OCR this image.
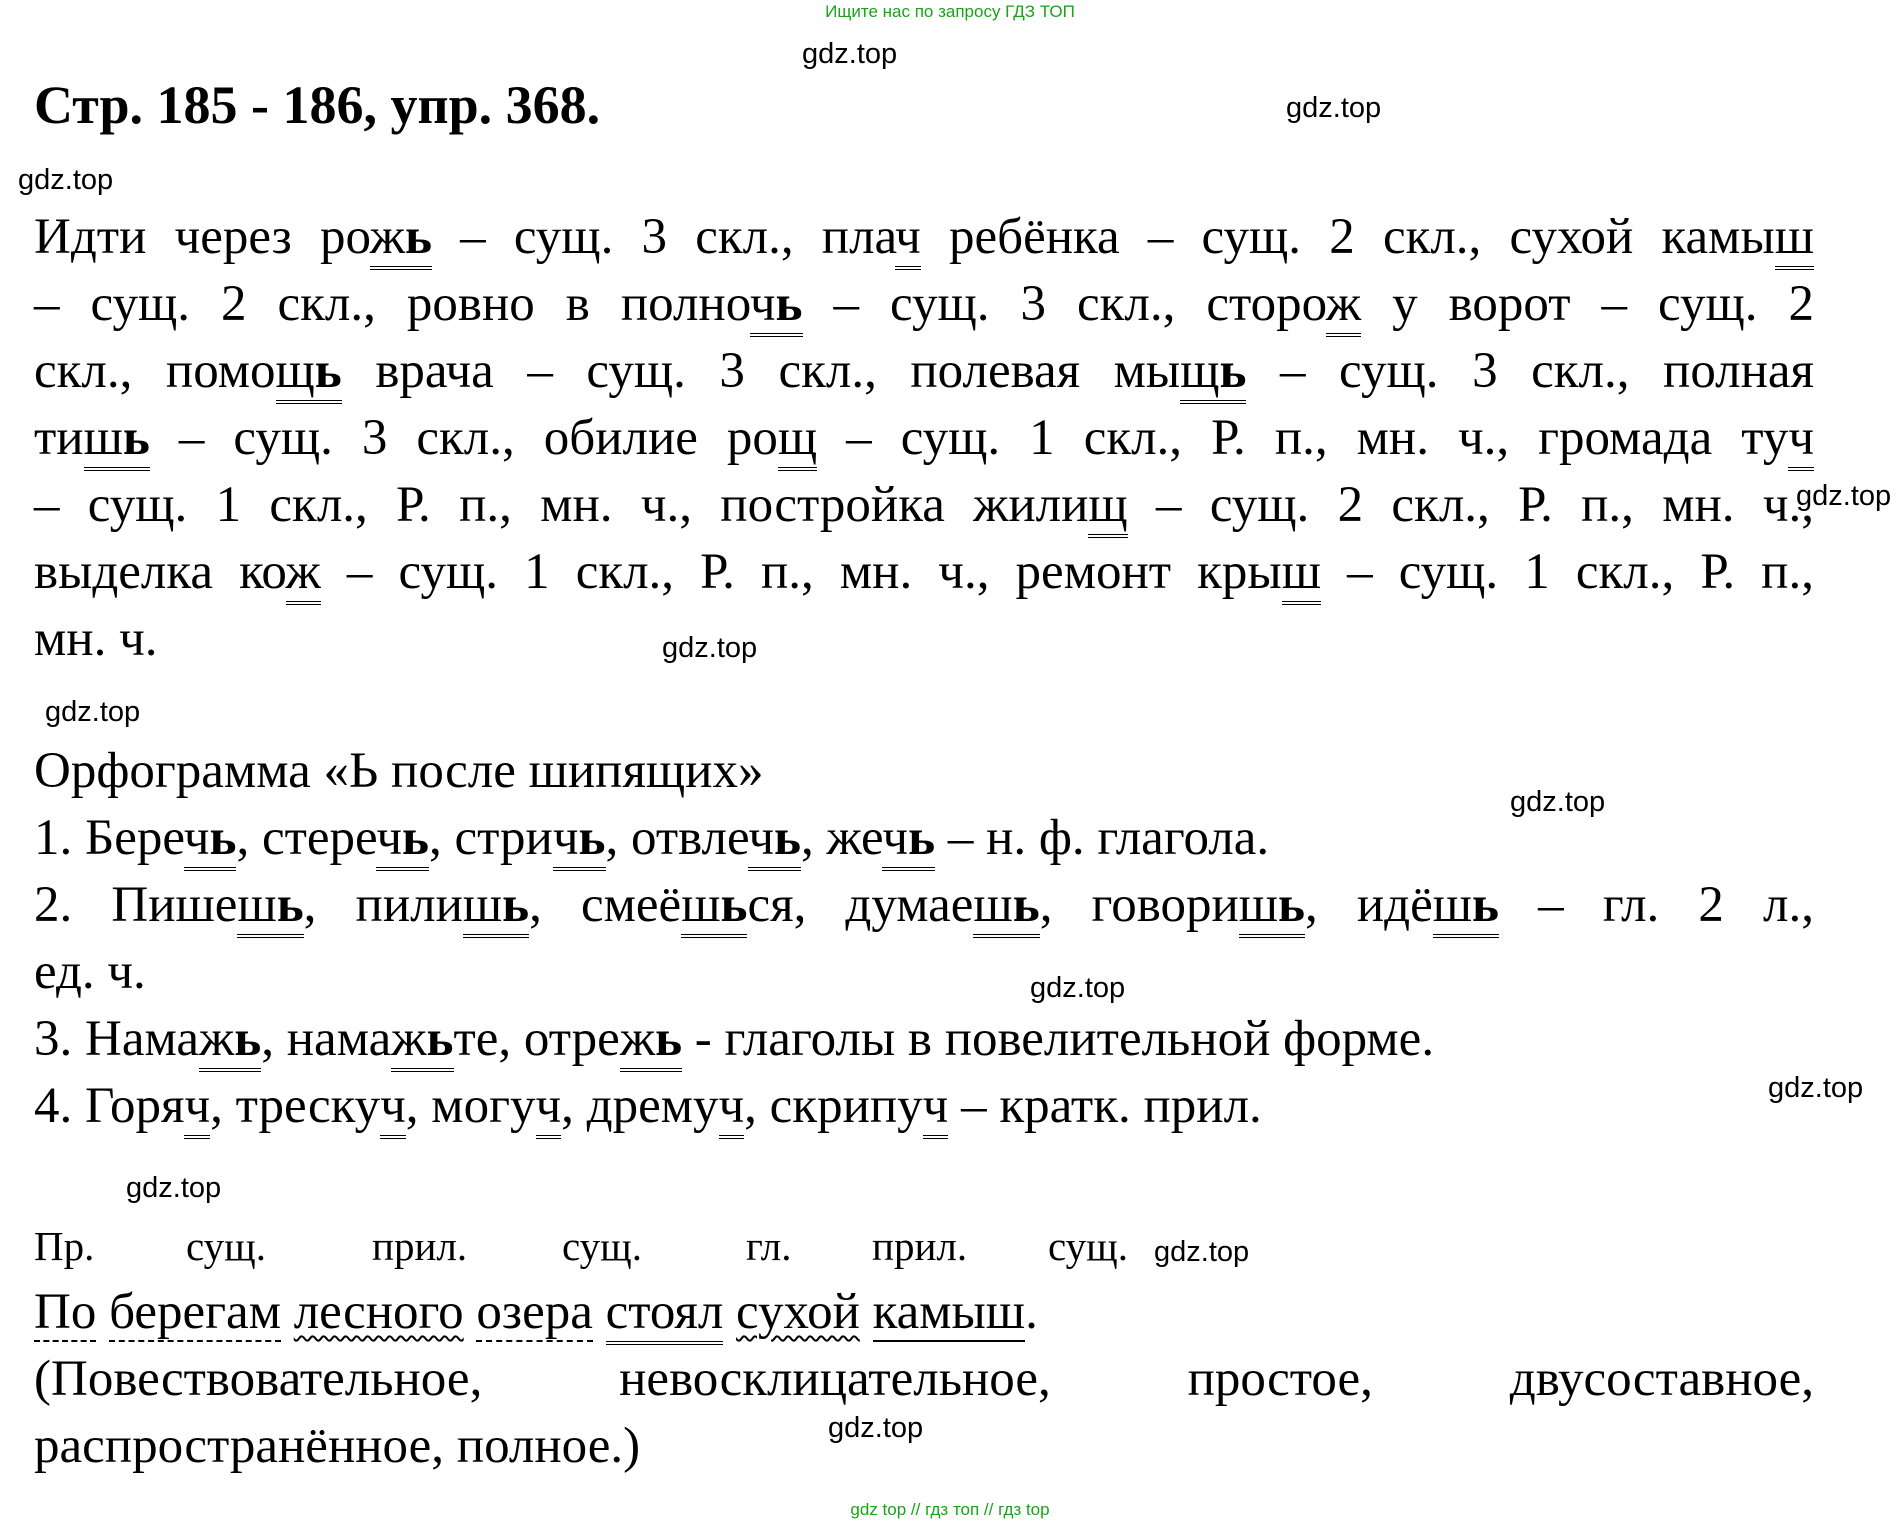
Ищите нас по запросу ГДЗ ТОП
gdz.top
gdz.top
gdz.top
gdz.top
gdz.top
gdz.top
gdz.top
gdz.top
gdz.top
gdz.top
gdz.top
gdz.top
Стр. 185 - 186, упр. 368.
Идти через рожь – сущ. 3 скл., плач ребёнка – сущ. 2 скл., сухой камыш
– сущ. 2 скл., ровно в полночь – сущ. 3 скл., сторож у ворот – сущ. 2
скл., помощь врача – сущ. 3 скл., полевая мыщь – сущ. 3 скл., полная
тишь – сущ. 3 скл., обилие рощ – сущ. 1 скл., Р. п., мн. ч., громада туч
– сущ. 1 скл., Р. п., мн. ч., постройка жилищ – сущ. 2 скл., Р. п., мн. ч.,
выделка кож – сущ. 1 скл., Р. п., мн. ч., ремонт крыш – сущ. 1 скл., Р. п.,
мн. ч.
Орфограмма «Ь после шипящих»
1. Беречь, стеречь, стричь, отвлечь, жечь – н. ф. глагола.
2. Пишешь, пилишь, смеёшься, думаешь, говоришь, идёшь – гл. 2 л.,
ед. ч.
3. Намажь, намажьте, отрежь - глаголы в повелительной форме.
4. Горяч, трескуч, могуч, дремуч, скрипуч – кратк. прил.
Пр. сущ.	прил. сущ.	гл. прил. сущ.
По берегам лесного озера стоял сухой камыш.
(Повествовательное, невосклицательное, простое, двусоставное,
распространённое, полное.)
gdz top // гдз топ // гдз top
